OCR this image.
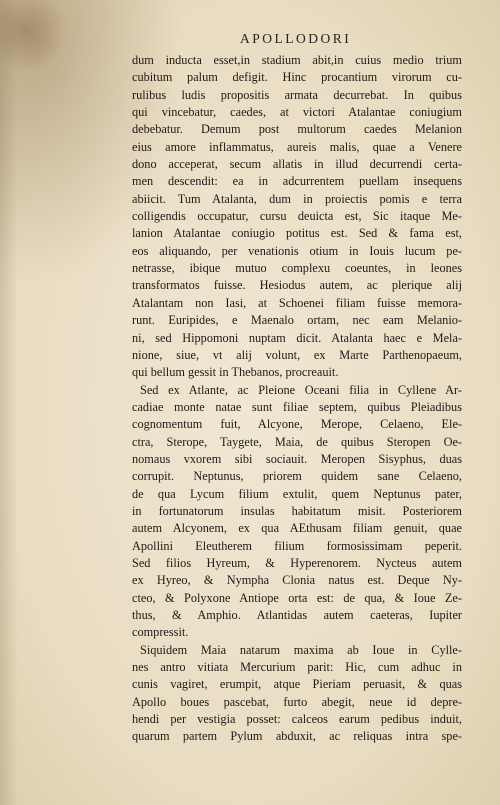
APOLLODORI
dum inducta esset,in stadium abit,in cuius medio trium
cubitum palum defigit. Hinc procantium virorum cu-
rulibus ludis propositis armata decurrebat. In quibus
qui vincebatur, caedes, at victori Atalantae coniugium
debebatur. Demum post multorum caedes Melanion
eius amore inflammatus, aureis malis, quae a Venere
dono acceperat, secum allatis in illud decurrendi certa-
men descendit: ea in adcurrentem puellam insequens
abiicit. Tum Atalanta, dum in proiectis pomis e terra
colligendis occupatur, cursu deuicta est, Sic itaque Me-
lanion Atalantae coniugio potitus est. Sed & fama est,
eos aliquando, per venationis otium in Iouis lucum pe-
netrasse, ibique mutuo complexu coeuntes, in leones
transformatos fuisse. Hesiodus autem, ac plerique alij
Atalantam non Iasi, at Schoenei filiam fuisse memora-
runt. Euripides, e Maenalo ortam, nec eam Melanio-
ni, sed Hippomoni nuptam dicit. Atalanta haec e Mela-
nione, siue, vt alij volunt, ex Marte Parthenopaeum,
qui bellum gessit in Thebanos, procreauit.
Sed ex Atlante, ac Pleione Oceani filia in Cyllene Ar-
cadiae monte natae sunt filiae septem, quibus Pleiadibus
cognomentum fuit, Alcyone, Merope, Celaeno, Ele-
ctra, Sterope, Taygete, Maia, de quibus Steropen Oe-
nomaus vxorem sibi sociauit. Meropen Sisyphus, duas
corrupit. Neptunus, priorem quidem sane Celaeno,
de qua Lycum filium extulit, quem Neptunus pater,
in fortunatorum insulas habitatum misit. Posteriorem
autem Alcyonem, ex qua AEthusam filiam genuit, quae
Apollini Eleutherem filium formosissimam peperit.
Sed filios Hyreum, & Hyperenorem. Nycteus autem
ex Hyreo, & Nympha Clonia natus est. Deque Ny-
cteo, & Polyxone Antiope orta est: de qua, & Ioue Ze-
thus, & Amphio. Atlantidas autem caeteras, Iupiter
compressit.
Siquidem Maia natarum maxima ab Ioue in Cylle-
nes antro vitiata Mercurium parit: Hic, cum adhuc in
cunis vagiret, erumpit, atque Pieriam peruasit, & quas
Apollo boues pascebat, furto abegit, neue id depre-
hendi per vestigia posset: calceos earum pedibus induit,
quarum partem Pylum abduxit, ac reliquas intra spe-
